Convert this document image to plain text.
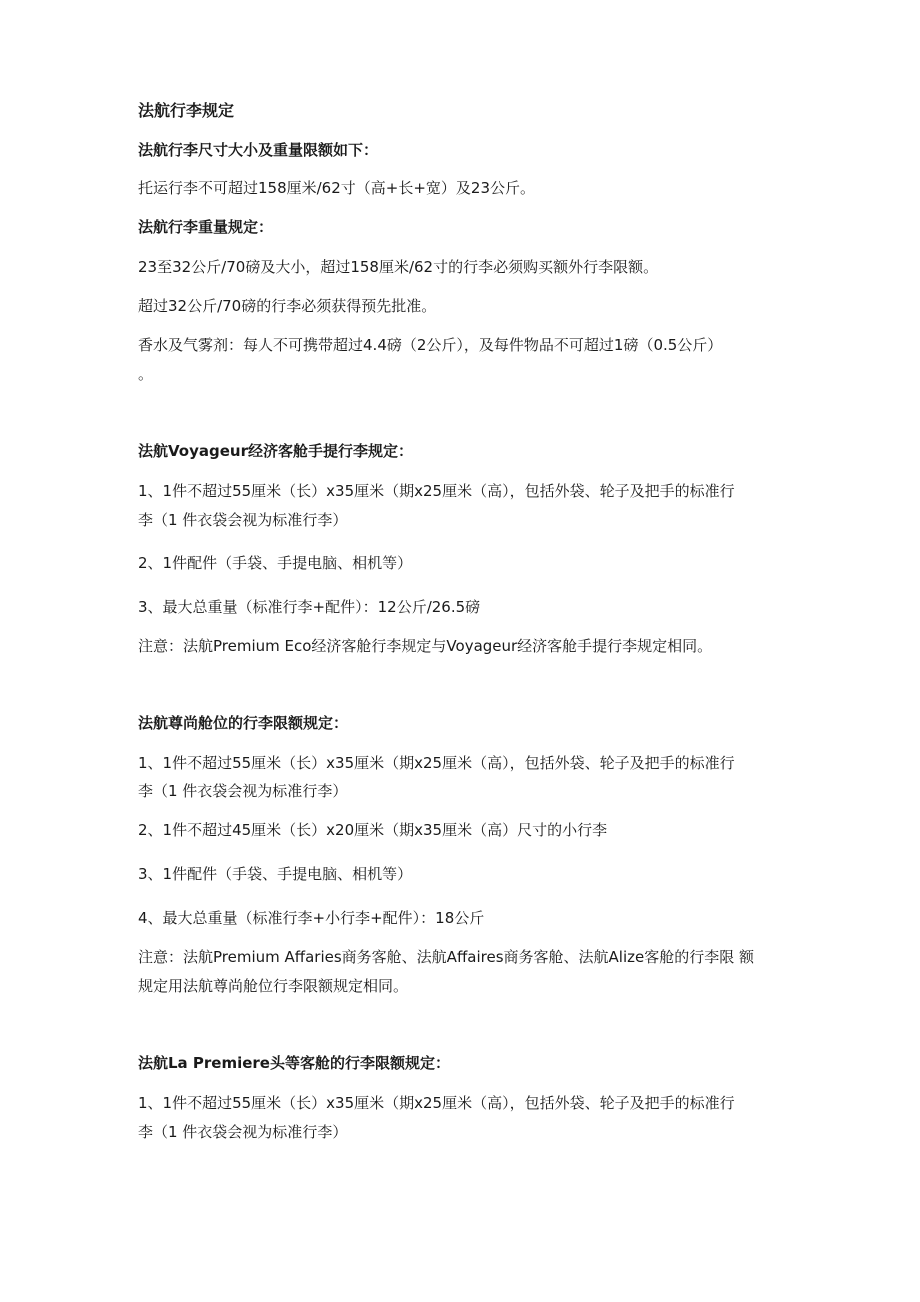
法航行李规定
法航行李尺寸大小及重量限额如下：
托运行李不可超过158厘米/62寸（高+长+宽）及23公斤。
法航行李重量规定：
23至32公斤/70磅及大小，超过158厘米/62寸的行李必须购买额外行李限额。
超过32公斤/70磅的行李必须获得预先批准。
香水及气雾剂：每人不可携带超过4.4磅（2公斤），及每件物品不可超过1磅（0.5公斤）
。
法航Voyageur经济客舱手提行李规定：
1、1件不超过55厘米（长）x35厘米（期x25厘米（高），包括外袋、轮子及把手的标准行
李（1 件衣袋会视为标准行李）
2、1件配件（手袋、手提电脑、相机等）
3、最大总重量（标准行李+配件）：12公斤/26.5磅
注意：法航Premium Eco经济客舱行李规定与Voyageur经济客舱手提行李规定相同。
法航尊尚舱位的行李限额规定：
1、1件不超过55厘米（长）x35厘米（期x25厘米（高），包括外袋、轮子及把手的标准行
李（1 件衣袋会视为标准行李）
2、1件不超过45厘米（长）x20厘米（期x35厘米（高）尺寸的小行李
3、1件配件（手袋、手提电脑、相机等）
4、最大总重量（标准行李+小行李+配件）：18公斤
注意：法航Premium Affaries商务客舱、法航Affaires商务客舱、法航Alize客舱的行李限 额
规定用法航尊尚舱位行李限额规定相同。
法航La Premiere头等客舱的行李限额规定：
1、1件不超过55厘米（长）x35厘米（期x25厘米（高），包括外袋、轮子及把手的标准行
李（1 件衣袋会视为标准行李）
